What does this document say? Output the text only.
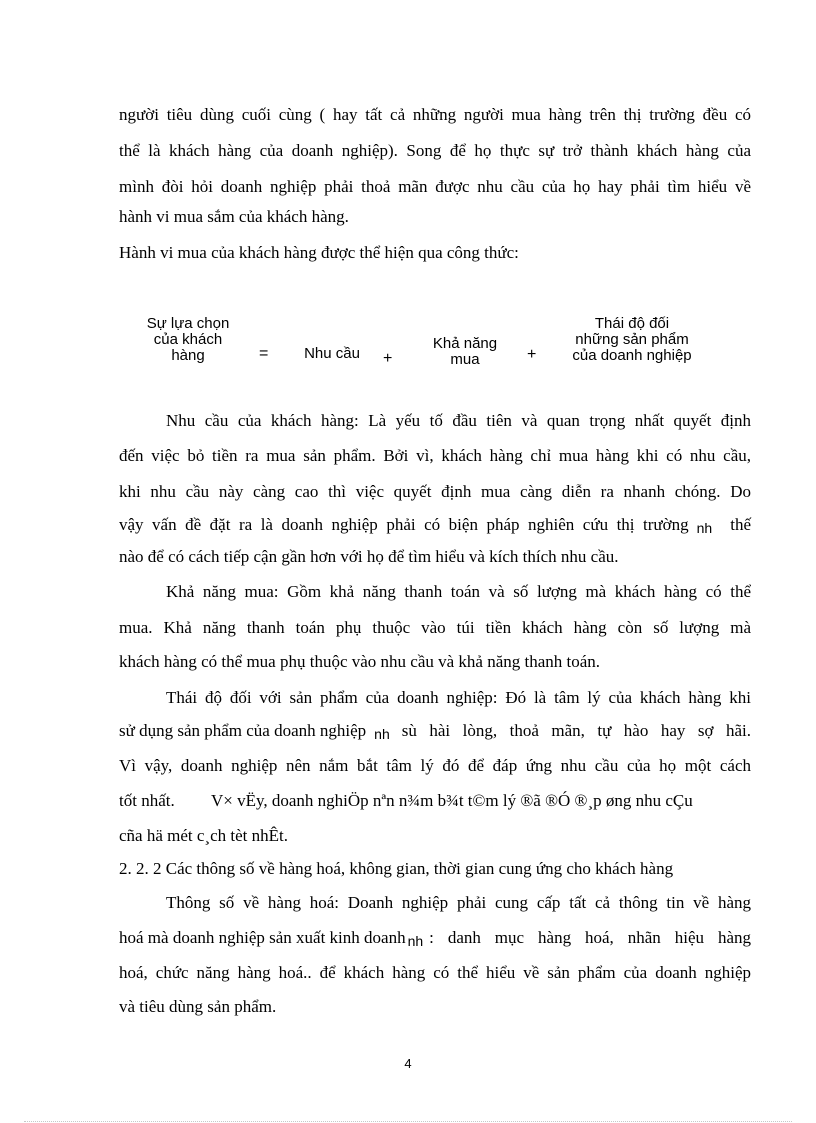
người tiêu dùng cuối cùng ( hay tất cả những người mua hàng trên thị trường đều có
thể là khách hàng của doanh nghiệp). Song để họ thực sự trở thành khách hàng của
mình đòi hỏi doanh nghiệp phải thoả mãn được nhu cầu của họ hay phải tìm hiểu về
hành vi mua sắm của khách hàng.
Hành vi mua của khách hàng được thể hiện qua công thức:
Sự lựa chọn
của khách
hàng	=	Nhu cầu	+
Khả năng
mua	+
Thái độ đối
những sản phẩm
của doanh nghiệp
Nhu cầu của khách hàng: Là yếu tố đầu tiên và quan trọng nhất quyết định
đến việc bỏ tiền ra mua sản phẩm. Bởi vì, khách hàng chỉ mua hàng khi có nhu cầu,
khi nhu cầu này càng cao thì việc quyết định mua càng diễn ra nhanh chóng. Do
vậy vấn đề đặt ra là doanh nghiệp phải có biện pháp nghiên cứu thị trường nh thế
nào để có cách tiếp cận gần hơn với họ để tìm hiểu và kích thích nhu cầu.
Khả năng mua: Gồm khả năng thanh toán và số lượng mà khách hàng có thể
mua. Khả năng thanh toán phụ thuộc vào túi tiền khách hàng còn số lượng mà
khách hàng có thể mua phụ thuộc vào nhu cầu và khả năng thanh toán.
Thái độ đối với sản phẩm của doanh nghiệp: Đó là tâm lý của khách hàng khi
sử dụng sản phẩm của doanh nghiệp nh sù hài lòng, thoả mãn, tự hào hay sợ hãi.
Vì vậy, doanh nghiệp nên nắm bắt tâm lý đó để đáp ứng nhu cầu của họ một cách
tốt nhất. V× vËy, doanh nghiÖp nªn n¾m b¾t t©m lý ®ã ®Ó ®¸p øng nhu cÇu
cña hä mét c¸ch tèt nhÊt.
2. 2. 2 Các thông số về hàng hoá, không gian, thời gian cung ứng cho khách hàng
Thông số về hàng hoá: Doanh nghiệp phải cung cấp tất cả thông tin về hàng
hoá mà doanh nghiệp sản xuất kinh doanh nh : danh mục hàng hoá, nhãn hiệu hàng
hoá, chức năng hàng hoá.. để khách hàng có thể hiểu về sản phẩm của doanh nghiệp
và tiêu dùng sản phẩm.
4
